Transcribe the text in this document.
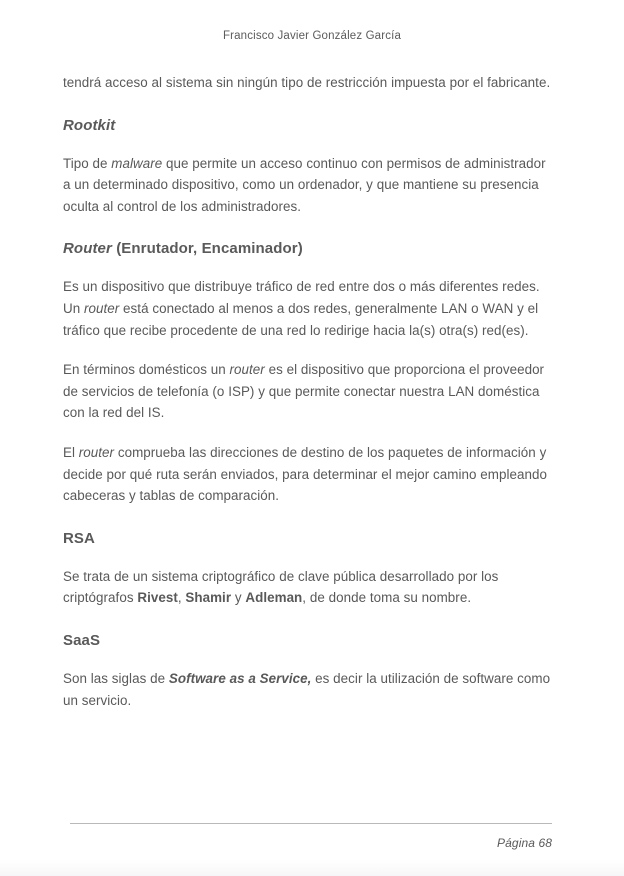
Francisco Javier González García

tendrá acceso al sistema sin ningún tipo de restricción impuesta por el fabricante.

Rootkit

Tipo de malware que permite un acceso continuo con permisos de administrador a un determinado dispositivo, como un ordenador, y que mantiene su presencia oculta al control de los administradores.

Router (Enrutador, Encaminador)

Es un dispositivo que distribuye tráfico de red entre dos o más diferentes redes. Un router está conectado al menos a dos redes, generalmente LAN o WAN y el tráfico que recibe procedente de una red lo redirige hacia la(s) otra(s) red(es).

En términos domésticos un router es el dispositivo que proporciona el proveedor de servicios de telefonía (o ISP) y que permite conectar nuestra LAN doméstica con la red del IS.

El router comprueba las direcciones de destino de los paquetes de información y decide por qué ruta serán enviados, para determinar el mejor camino empleando cabeceras y tablas de comparación.

RSA

Se trata de un sistema criptográfico de clave pública desarrollado por los criptógrafos Rivest, Shamir y Adleman, de donde toma su nombre.

SaaS

Son las siglas de Software as a Service, es decir la utilización de software como un servicio.

Página 68
